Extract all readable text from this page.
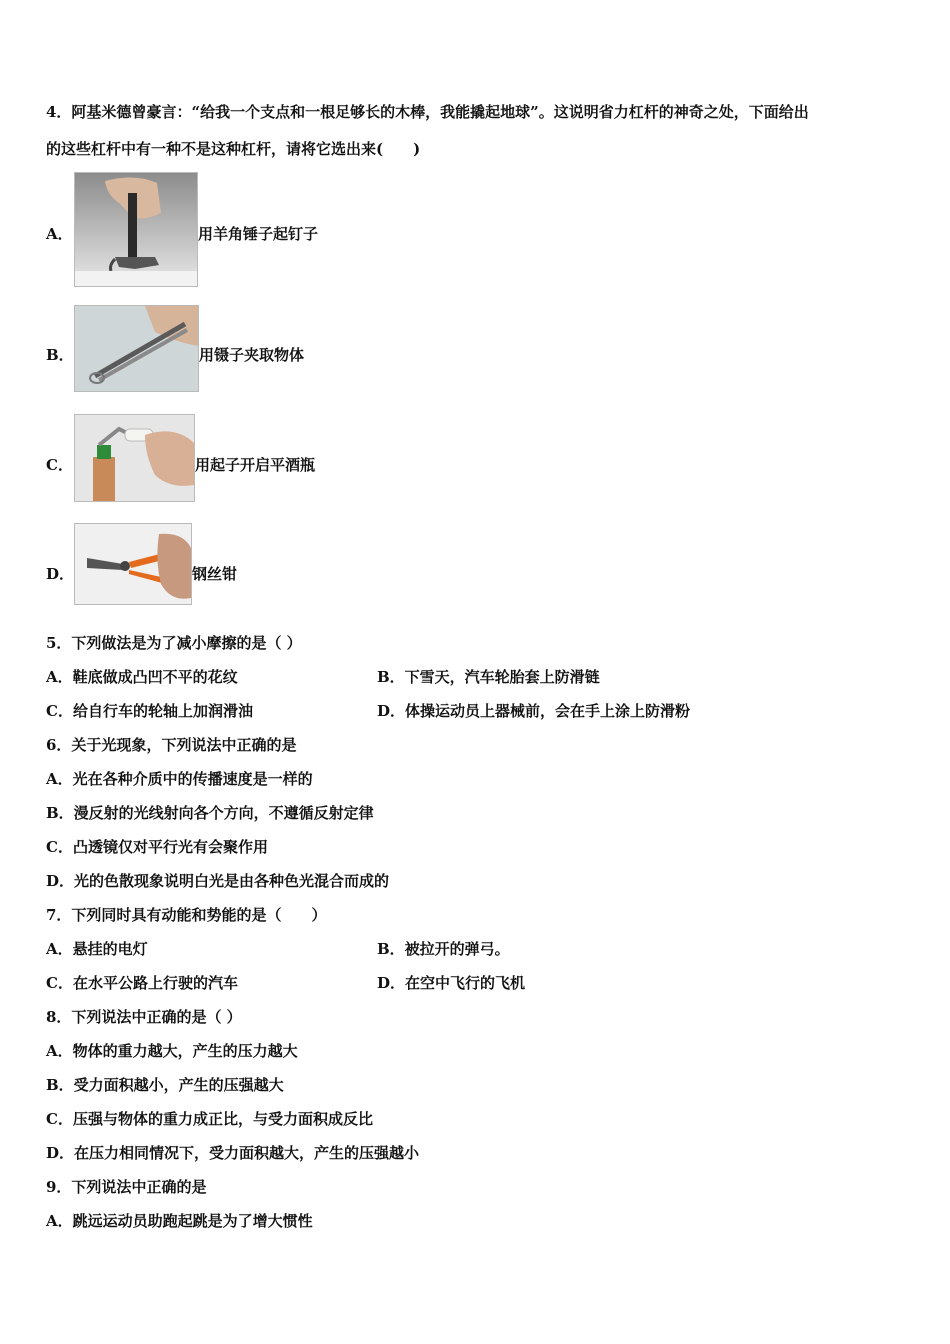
4．阿基米德曾豪言：“给我一个支点和一根足够长的木棒，我能撬起地球”。这说明省力杠杆的神奇之处，下面给出
的这些杠杆中有一种不是这种杠杆，请将它选出来(　　)
A．	用羊角锤子起钉子
B．	用镊子夹取物体
C．	用起子开启平酒瓶
D．	钢丝钳
5．下列做法是为了减小摩擦的是（ ）
A．鞋底做成凸凹不平的花纹	B．下雪天，汽车轮胎套上防滑链
C．给自行车的轮轴上加润滑油	D．体操运动员上器械前，会在手上涂上防滑粉
6．关于光现象，下列说法中正确的是
A．光在各种介质中的传播速度是一样的
B．漫反射的光线射向各个方向，不遵循反射定律
C．凸透镜仅对平行光有会聚作用
D．光的色散现象说明白光是由各种色光混合而成的
7．下列同时具有动能和势能的是（　　）
A．悬挂的电灯	B．被拉开的弹弓。
C．在水平公路上行驶的汽车	D．在空中飞行的飞机
8．下列说法中正确的是（ ）
A．物体的重力越大，产生的压力越大
B．受力面积越小，产生的压强越大
C．压强与物体的重力成正比，与受力面积成反比
D．在压力相同情况下，受力面积越大，产生的压强越小
9．下列说法中正确的是
A．跳远运动员助跑起跳是为了增大惯性
